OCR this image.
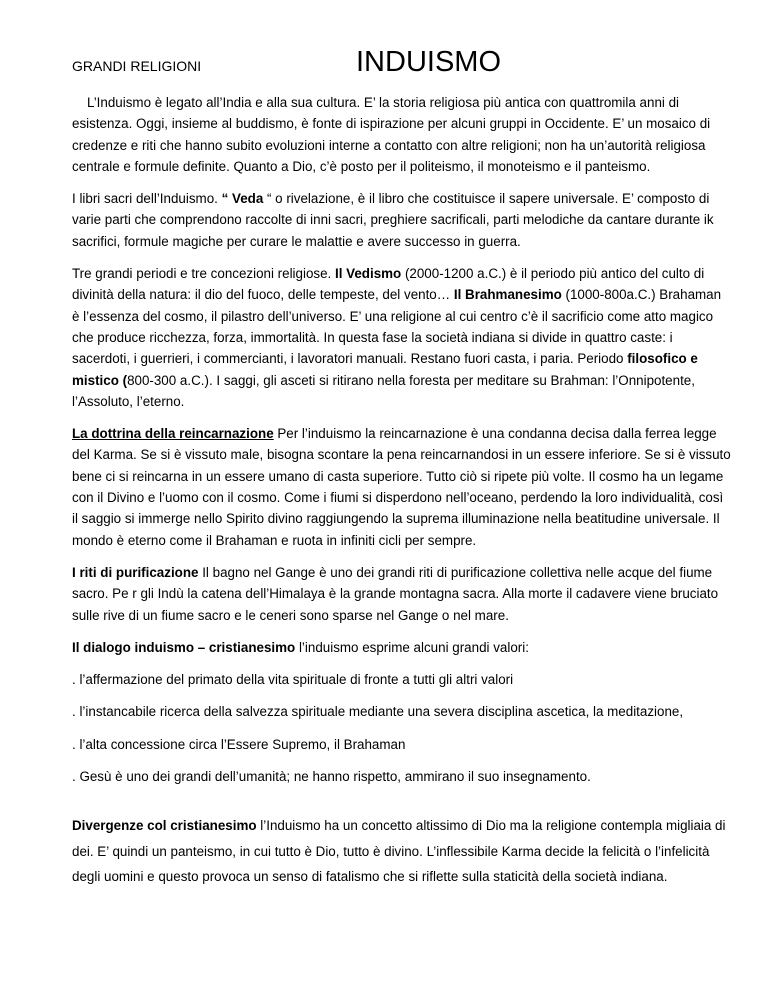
GRANDI RELIGIONI	INDUISMO

L’Induismo è legato all’India e alla sua cultura. E’ la storia religiosa più antica con quattromila anni di esistenza. Oggi, insieme al buddismo, è fonte di ispirazione per alcuni gruppi in Occidente. E’ un mosaico di credenze e riti che hanno subito evoluzioni interne a contatto con altre religioni; non ha un’autorità religiosa centrale e formule definite. Quanto a Dio, c’è posto per il politeismo, il monoteismo e il panteismo.

I libri sacri dell’Induismo. “ Veda “ o rivelazione, è il libro che costituisce il sapere universale. E’ composto di varie parti che comprendono raccolte di inni sacri, preghiere sacrificali, parti melodiche da cantare durante ik sacrifici, formule magiche per curare le malattie e avere successo in guerra.

Tre grandi periodi e tre concezioni religiose. Il Vedismo (2000-1200 a.C.) è il periodo più antico del culto di divinità della natura: il dio del fuoco, delle tempeste, del vento… Il Brahmanesimo (1000-800a.C.) Brahaman è l’essenza del cosmo, il pilastro dell’universo. E’ una religione al cui centro c’è il sacrificio come atto magico che produce ricchezza, forza, immortalità. In questa fase la società indiana si divide in quattro caste: i sacerdoti, i guerrieri, i commercianti, i lavoratori manuali. Restano fuori casta, i paria. Periodo filosofico e mistico (800-300 a.C.). I saggi, gli asceti si ritirano nella foresta per meditare su Brahman: l’Onnipotente, l’Assoluto, l’eterno.

La dottrina della reincarnazione Per l’induismo la reincarnazione è una condanna decisa dalla ferrea legge del Karma. Se si è vissuto male, bisogna scontare la pena reincarnandosi in un essere inferiore. Se si è vissuto bene ci si reincarna in un essere umano di casta superiore. Tutto ciò si ripete più volte. Il cosmo ha un legame con il Divino e l’uomo con il cosmo. Come i fiumi si disperdono nell’oceano, perdendo la loro individualità, così il saggio si immerge nello Spirito divino raggiungendo la suprema illuminazione nella beatitudine universale. Il mondo è eterno come il Brahaman e ruota in infiniti cicli per sempre.

I riti di purificazione Il bagno nel Gange è uno dei grandi riti di purificazione collettiva nelle acque del fiume sacro. Pe r gli Indù la catena dell’Himalaya è la grande montagna sacra. Alla morte il cadavere viene bruciato sulle rive di un fiume sacro e le ceneri sono sparse nel Gange o nel mare.

Il dialogo induismo – cristianesimo l’induismo esprime alcuni grandi valori:

. l’affermazione del primato della vita spirituale di fronte a tutti gli altri valori

. l’instancabile ricerca della salvezza spirituale mediante una severa disciplina ascetica, la meditazione,

. l’alta concessione circa l’Essere Supremo, il Brahaman

. Gesù è uno dei grandi dell’umanità; ne hanno rispetto, ammirano il suo insegnamento.

Divergenze col cristianesimo l’Induismo ha un concetto altissimo di Dio ma la religione contempla migliaia di dei. E’ quindi un panteismo, in cui tutto è Dio, tutto è divino. L’inflessibile Karma decide la felicità o l’infelicità degli uomini e questo provoca un senso di fatalismo che si riflette sulla staticità della società indiana.
